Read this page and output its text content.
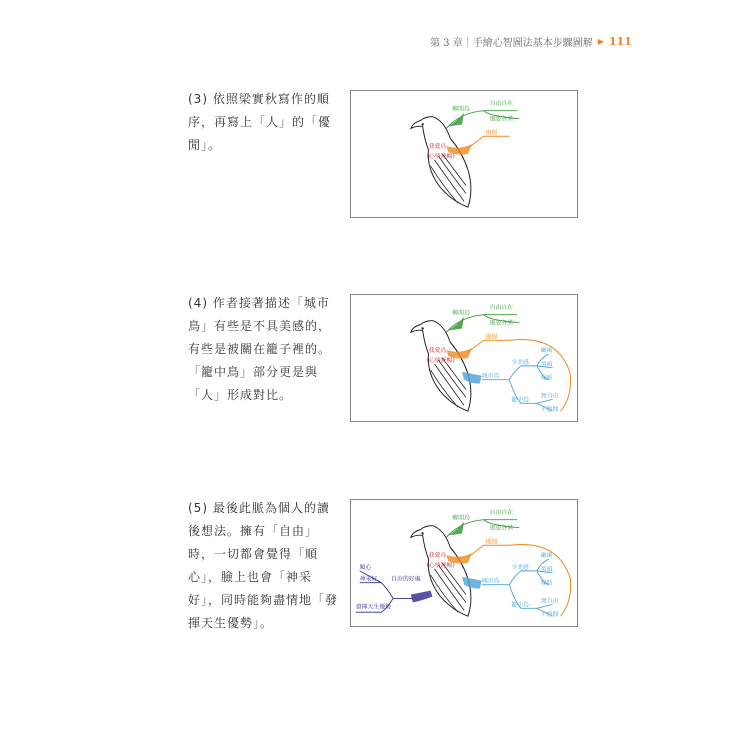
第 3 章｜手繪心智圖法基本步驟圖解 ▶ 111
(3) 依照梁實秋寫作的順序，再寫上「人」的「優閒」。
鄉間鳥
自由自在
風姿各異
優閒
我愛鳥
(心情舒暢)
(4) 作者接著描述「城市鳥」有些是不具美感的，有些是被關在籠子裡的。「籠中鳥」部分更是與「人」形成對比。
鄉間鳥
自由自在
風姿各異
優閒
我愛鳥
(心情舒暢)
城市鳥
少美感
癩痢
黑頭
噪聒
籠中鳥
無自由
不悠閒
(5) 最後此脈為個人的讀後想法。擁有「自由」時，一切都會覺得「順心」，臉上也會「神采好」，同時能夠盡情地「發揮天生優勢」。
鄉間鳥
自由自在
風姿各異
優閒
我愛鳥
(心情舒暢)
城市鳥
少美感
癩痢
黑頭
噪聒
籠中鳥
無自由
不悠閒
自由的好處
順心
神采好
發揮天生優勢
